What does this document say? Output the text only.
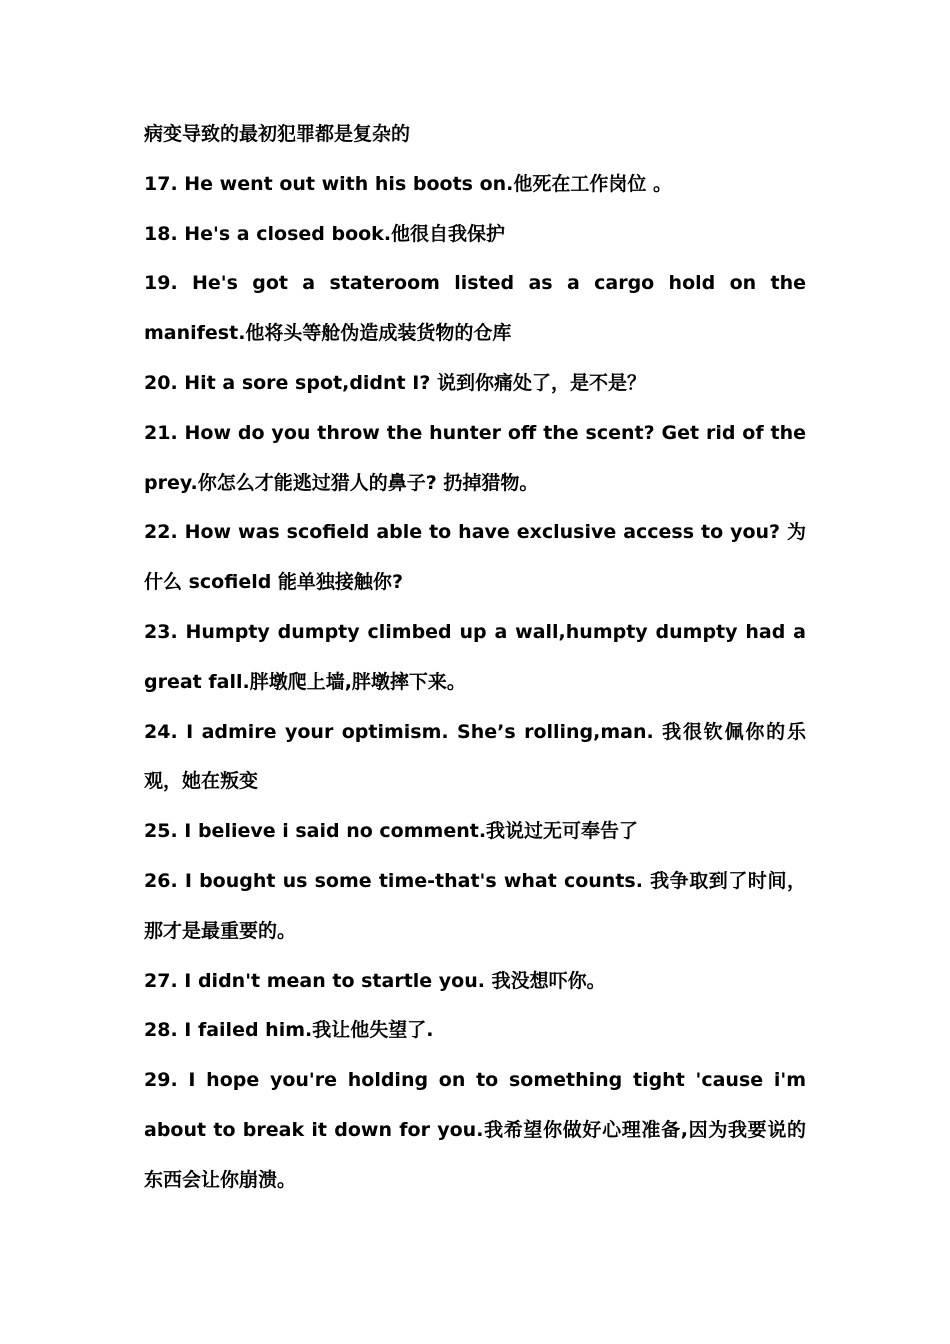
病变导致的最初犯罪都是复杂的

17. He went out with his boots on.他死在工作岗位 。

18. He's a closed book.他很自我保护

19. He's got a stateroom listed as a cargo hold on the manifest.他将头等舱伪造成装货物的仓库

20. Hit a sore spot,didnt I? 说到你痛处了，是不是？

21. How do you throw the hunter off the scent? Get rid of the prey.你怎么才能逃过猎人的鼻子? 扔掉猎物。

22. How was scofield able to have exclusive access to you? 为什么 scofield 能单独接触你?

23. Humpty dumpty climbed up a wall,humpty dumpty had a great fall.胖墩爬上墙,胖墩摔下来。

24. I admire your optimism. She’s rolling,man. 我很钦佩你的乐观，她在叛变

25. I believe i said no comment.我说过无可奉告了

26. I bought us some time-that's what counts. 我争取到了时间，那才是最重要的。

27. I didn't mean to startle you. 我没想吓你。

28. I failed him.我让他失望了.

29. I hope you're holding on to something tight 'cause i'm about to break it down for you.我希望你做好心理准备,因为我要说的东西会让你崩溃。
